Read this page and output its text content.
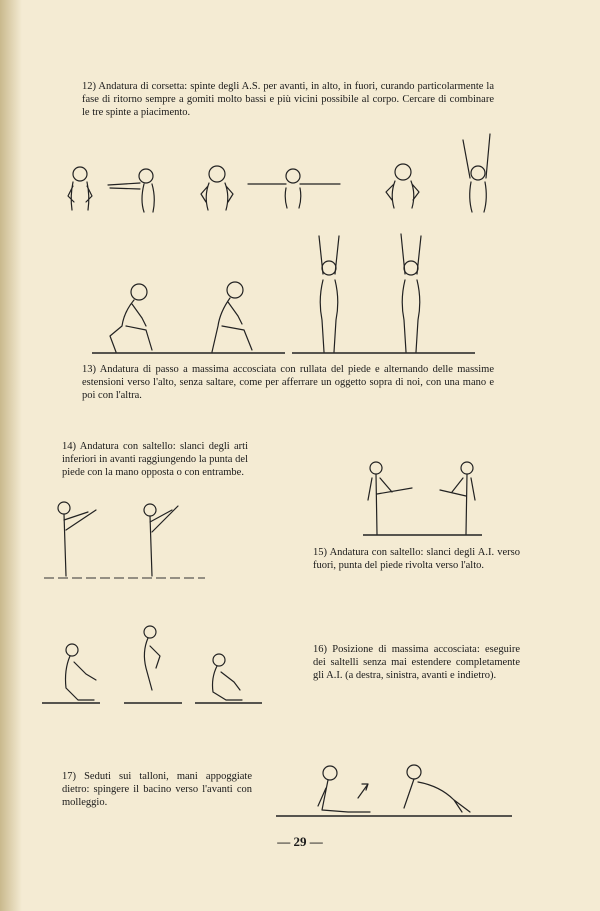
12) Andatura di corsetta: spinte degli A.S. per avanti, in alto, in fuori, curando particolarmente la fase di ritorno sempre a gomiti molto bassi e più vicini possibile al corpo. Cercare di combinare le tre spinte a piacimento.

13) Andatura di passo a massima accosciata con rullata del piede e alternando delle massime estensioni verso l'alto, senza saltare, come per afferrare un oggetto sopra di noi, con una mano e poi con l'altra.

14) Andatura con saltello: slanci degli arti inferiori in avanti raggiungendo la punta del piede con la mano opposta o con entrambe.

15) Andatura con saltello: slanci degli A.I. verso fuori, punta del piede rivolta verso l'alto.

16) Posizione di massima accosciata: eseguire dei saltelli senza mai estendere completamente gli A.I. (a destra, sinistra, avanti e indietro).

17) Seduti sui talloni, mani appoggiate dietro: spingere il bacino verso l'avanti con molleggio.

— 29 —
